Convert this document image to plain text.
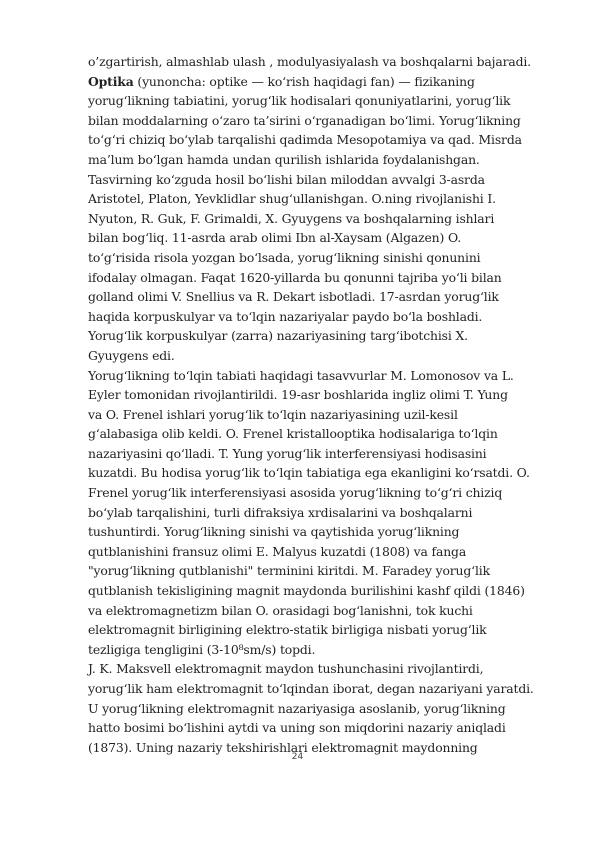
o’zgartirish, almashlab ulash , modulyasiyalash va boshqalarni bajaradi.
Optika (yunoncha: optike — koʻrish haqidagi fan) — fizikaning
yorugʻlikning tabiatini, yorugʻlik hodisalari qonuniyatlarini, yorugʻlik
bilan moddalarning oʻzaro ta’sirini oʻrganadigan boʻlimi. Yorugʻlikning
toʻgʻri chiziq boʻylab tarqalishi qadimda Mesopotamiya va qad. Misrda
ma’lum boʻlgan hamda undan qurilish ishlarida foydalanishgan.
Tasvirning koʻzguda hosil boʻlishi bilan miloddan avvalgi 3-asrda
Aristotel, Platon, Yevklidlar shugʻullanishgan. O.ning rivojlanishi I.
Nyuton, R. Guk, F. Grimaldi, X. Gyuygens va boshqalarning ishlari
bilan bogʻliq. 11-asrda arab olimi Ibn al-Xaysam (Algazen) O.
toʻgʻrisida risola yozgan boʻlsada, yorugʻlikning sinishi qonunini
ifodalay olmagan. Faqat 1620-yillarda bu qonunni tajriba yoʻli bilan
golland olimi V. Snellius va R. Dekart isbotladi. 17-asrdan yorugʻlik
haqida korpuskulyar va toʻlqin nazariyalar paydo boʻla boshladi.
Yorugʻlik korpuskulyar (zarra) nazariyasining targʻibotchisi X.
Gyuygens edi.
Yorugʻlikning toʻlqin tabiati haqidagi tasavvurlar M. Lomonosov va L.
Eyler tomonidan rivojlantirildi. 19-asr boshlarida ingliz olimi T. Yung
va O. Frenel ishlari yorugʻlik toʻlqin nazariyasining uzil-kesil
gʻalabasiga olib keldi. O. Frenel kristallooptika hodisalariga toʻlqin
nazariyasini qoʻlladi. T. Yung yorugʻlik interferensiyasi hodisasini
kuzatdi. Bu hodisa yorugʻlik toʻlqin tabiatiga ega ekanligini koʻrsatdi. O.
Frenel yorugʻlik interferensiyasi asosida yorugʻlikning toʻgʻri chiziq
boʻylab tarqalishini, turli difraksiya xrdisalarini va boshqalarni
tushuntirdi. Yorugʻlikning sinishi va qaytishida yorugʻlikning
qutblanishini fransuz olimi E. Malyus kuzatdi (1808) va fanga
"yorugʻlikning qutblanishi" terminini kiritdi. M. Faradey yorugʻlik
qutblanish tekisligining magnit maydonda burilishini kashf qildi (1846)
va elektromagnetizm bilan O. orasidagi bogʻlanishni, tok kuchi
elektromagnit birligining elektro-statik birligiga nisbati yorugʻlik
tezligiga tengligini (3-10⁸sm/s) topdi.
J. K. Maksvell elektromagnit maydon tushunchasini rivojlantirdi,
yorugʻlik ham elektromagnit toʻlqindan iborat, degan nazariyani yaratdi.
U yorugʻlikning elektromagnit nazariyasiga asoslanib, yorugʻlikning
hatto bosimi boʻlishini aytdi va uning son miqdorini nazariy aniqladi
(1873). Uning nazariy tekshirishlari elektromagnit maydonning
24
